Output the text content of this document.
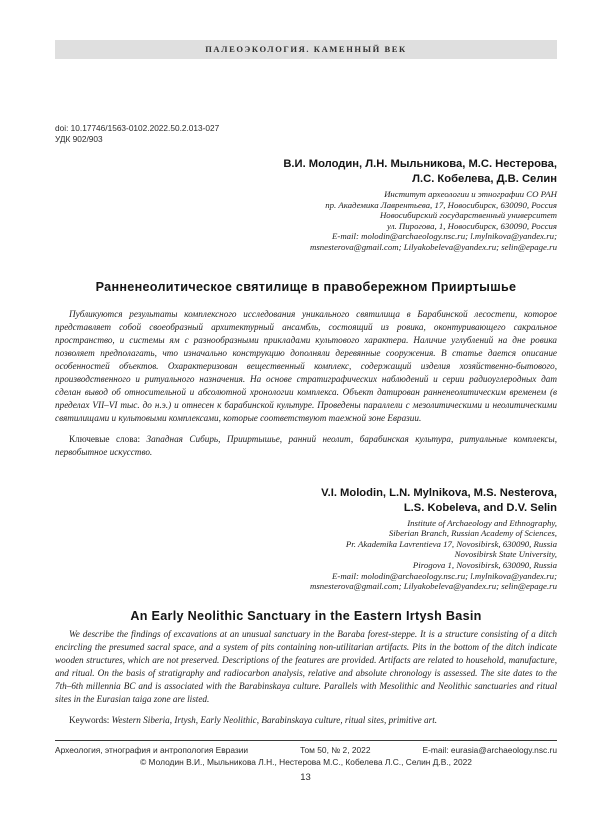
ПАЛЕОЭКОЛОГИЯ. КАМЕННЫЙ ВЕК
doi: 10.17746/1563-0102.2022.50.2.013-027
УДК 902/903
В.И. Молодин, Л.Н. Мыльникова, М.С. Нестерова,
Л.С. Кобелева, Д.В. Селин
Институт археологии и этнографии СО РАН
пр. Академика Лаврентьева, 17, Новосибирск, 630090, Россия
Новосибирский государственный университет
ул. Пирогова, 1, Новосибирск, 630090, Россия
E-mail: molodin@archaeology.nsc.ru; l.mylnikova@yandex.ru;
msnesterova@gmail.com; Lilyakobeleva@yandex.ru; selin@epage.ru
Ранненеолитическое святилище в правобережном Прииртышье
Публикуются результаты комплексного исследования уникального святилища в Барабинской лесостепи, которое представляет собой своеобразный архитектурный ансамбль, состоящий из ровика, оконтуривающего сакральное пространство, и системы ям с разнообразными прикладами культового характера. Наличие углублений на дне ровика позволяет предполагать, что изначально конструкцию дополняли деревянные сооружения. В статье дается описание особенностей объектов. Охарактеризован вещественный комплекс, содержащий изделия хозяйственно-бытового, производственного и ритуального назначения. На основе стратиграфических наблюдений и серии радиоуглеродных дат сделан вывод об относительной и абсолютной хронологии комплекса. Объект датирован ранненеолитическим временем (в пределах VII–VI тыс. до н.э.) и отнесен к барабинской культуре. Проведены параллели с мезолитическими и неолитическими святилищами и культовыми комплексами, которые соответствуют таежной зоне Евразии.
Ключевые слова: Западная Сибирь, Прииртышье, ранний неолит, барабинская культура, ритуальные комплексы, первобытное искусство.
V.I. Molodin, L.N. Mylnikova, M.S. Nesterova,
L.S. Kobeleva, and D.V. Selin
Institute of Archaeology and Ethnography,
Siberian Branch, Russian Academy of Sciences,
Pr. Akademika Lavrentieva 17, Novosibirsk, 630090, Russia
Novosibirsk State University,
Pirogova 1, Novosibirsk, 630090, Russia
E-mail: molodin@archaeology.nsc.ru; l.mylnikova@yandex.ru;
msnesterova@gmail.com; Lilyakobeleva@yandex.ru; selin@epage.ru
An Early Neolithic Sanctuary in the Eastern Irtysh Basin
We describe the findings of excavations at an unusual sanctuary in the Baraba forest-steppe. It is a structure consisting of a ditch encircling the presumed sacral space, and a system of pits containing non-utilitarian artifacts. Pits in the bottom of the ditch indicate wooden structures, which are not preserved. Descriptions of the features are provided. Artifacts are related to household, manufacture, and ritual. On the basis of stratigraphy and radiocarbon analysis, relative and absolute chronology is assessed. The site dates to the 7th–6th millennia BC and is associated with the Barabinskaya culture. Parallels with Mesolithic and Neolithic sanctuaries and ritual sites in the Eurasian taiga zone are listed.
Keywords: Western Siberia, Irtysh, Early Neolithic, Barabinskaya culture, ritual sites, primitive art.
Археология, этнография и антропология Евразии	Том 50, № 2, 2022	E-mail: eurasia@archaeology.nsc.ru
© Молодин В.И., Мыльникова Л.Н., Нестерова М.С., Кобелева Л.С., Селин Д.В., 2022
13
